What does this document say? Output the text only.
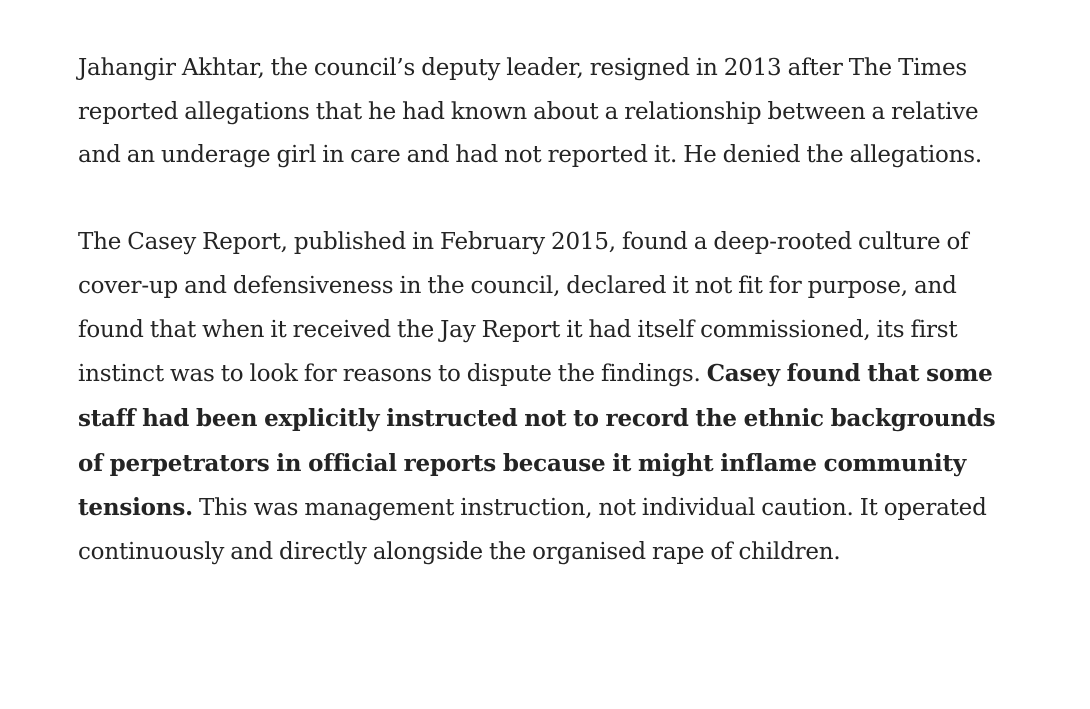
Jahangir Akhtar, the council’s deputy leader, resigned in 2013 after The Times reported allegations that he had known about a relationship between a relative and an underage girl in care and had not reported it. He denied the allegations.

The Casey Report, published in February 2015, found a deep-rooted culture of cover-up and defensiveness in the council, declared it not fit for purpose, and found that when it received the Jay Report it had itself commissioned, its first instinct was to look for reasons to dispute the findings. Casey found that some staff had been explicitly instructed not to record the ethnic backgrounds of perpetrators in official reports because it might inflame community tensions. This was management instruction, not individual caution. It operated continuously and directly alongside the organised rape of children.
